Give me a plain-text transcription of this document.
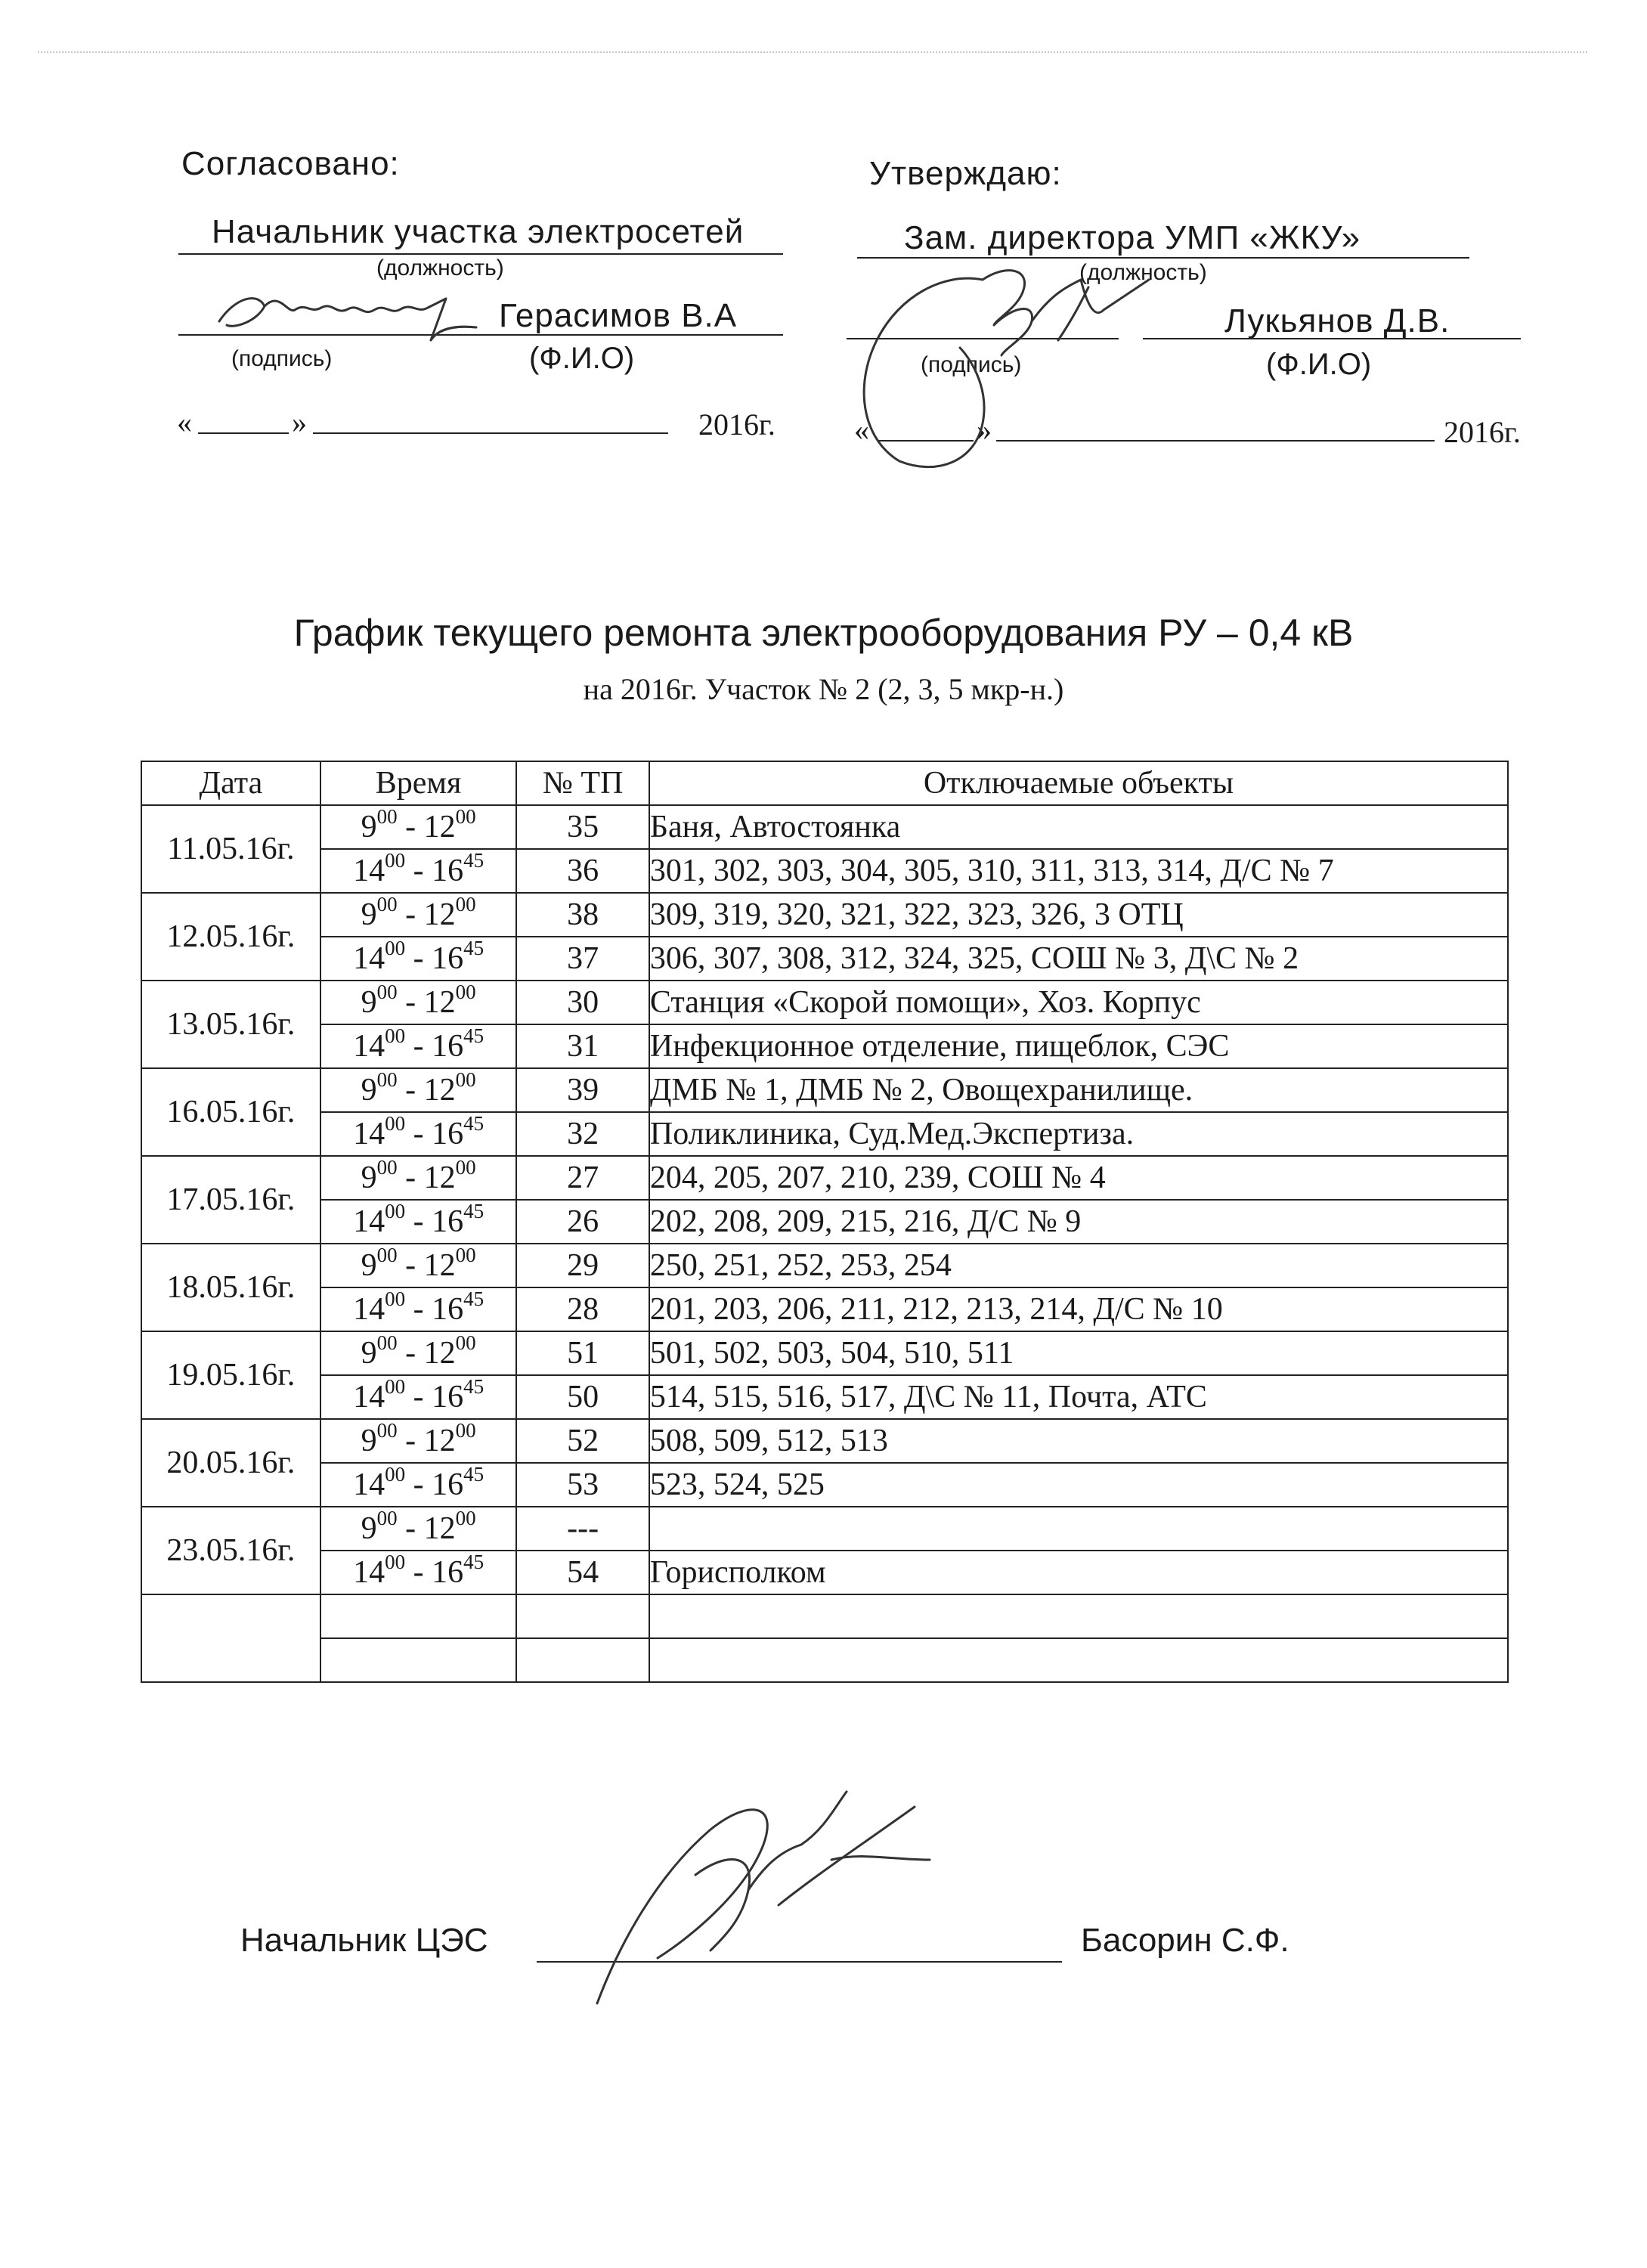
Согласовано:
Начальник участка электросетей
(должность)
Герасимов В.А
(подпись)	(Ф.И.О)
«	»	2016г.
Утверждаю:
Зам. директора УМП «ЖКУ»
(должность)
Лукьянов Д.В.
(подпись)	(Ф.И.О)
«	»	2016г.
График текущего ремонта электрооборудования РУ – 0,4 кВ
на 2016г. Участок № 2 (2, 3, 5 мкр-н.)
Дата	Время	№ ТП	Отключаемые объекты
11.05.16г.	$9^{00} - 12^{00}$	35	Баня, Автостоянка
	$14^{00} - 16^{45}$	36	301, 302, 303, 304, 305, 310, 311, 313, 314, Д/С № 7
12.05.16г.	$9^{00} - 12^{00}$	38	309, 319, 320, 321, 322, 323, 326, 3 ОТЦ
	$14^{00} - 16^{45}$	37	306, 307, 308, 312, 324, 325, СОШ № 3, Д\С № 2
13.05.16г.	$9^{00} - 12^{00}$	30	Станция «Скорой помощи», Хоз. Корпус
	$14^{00} - 16^{45}$	31	Инфекционное отделение, пищеблок, СЭС
16.05.16г.	$9^{00} - 12^{00}$	39	ДМБ № 1, ДМБ № 2, Овощехранилище.
	$14^{00} - 16^{45}$	32	Поликлиника, Суд.Мед.Экспертиза.
17.05.16г.	$9^{00} - 12^{00}$	27	204, 205, 207, 210, 239, СОШ № 4
	$14^{00} - 16^{45}$	26	202, 208, 209, 215, 216, Д/С № 9
18.05.16г.	$9^{00} - 12^{00}$	29	250, 251, 252, 253, 254
	$14^{00} - 16^{45}$	28	201, 203, 206, 211, 212, 213, 214, Д/С № 10
19.05.16г.	$9^{00} - 12^{00}$	51	501, 502, 503, 504, 510, 511
	$14^{00} - 16^{45}$	50	514, 515, 516, 517, Д\С № 11, Почта, АТС
20.05.16г.	$9^{00} - 12^{00}$	52	508, 509, 512, 513
	$14^{00} - 16^{45}$	53	523, 524, 525
23.05.16г.	$9^{00} - 12^{00}$	---	
	$14^{00} - 16^{45}$	54	Горисполком

Начальник ЦЭС	Басорин С.Ф.
